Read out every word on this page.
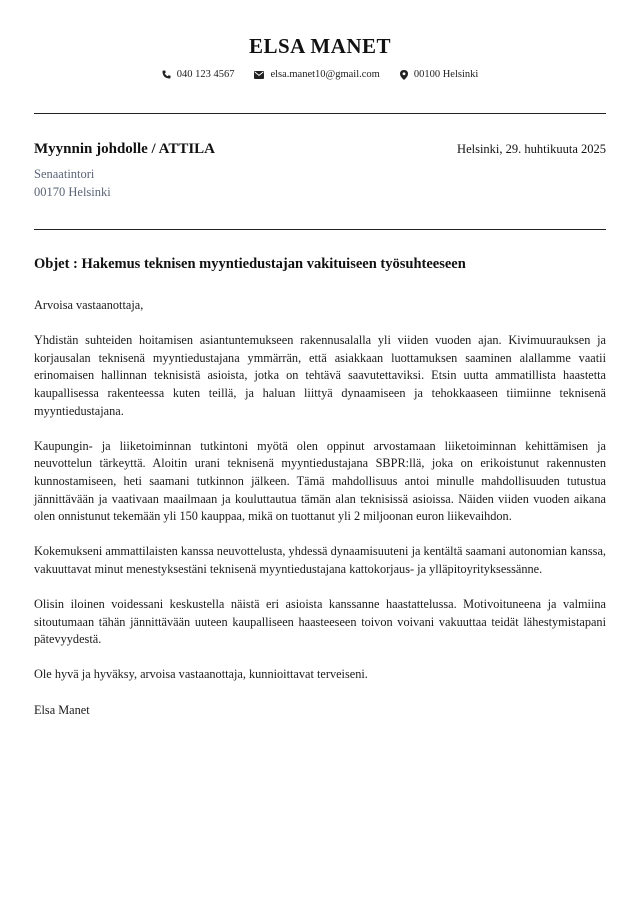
ELSA MANET
040 123 4567	elsa.manet10@gmail.com	00100 Helsinki
Myynnin johdolle / ATTILA	Helsinki, 29. huhtikuuta 2025
Senaatintori
00170 Helsinki
Objet : Hakemus teknisen myyntiedustajan vakituiseen työsuhteeseen

Arvoisa vastaanottaja,

Yhdistän suhteiden hoitamisen asiantuntemukseen rakennusalalla yli viiden vuoden ajan. Kivimuurauksen ja korjausalan teknisenä myyntiedustajana ymmärrän, että asiakkaan luottamuksen saaminen alallamme vaatii erinomaisen hallinnan teknisistä asioista, jotka on tehtävä saavutettaviksi. Etsin uutta ammatillista haastetta kaupallisessa rakenteessa kuten teillä, ja haluan liittyä dynaamiseen ja tehokkaaseen tiimiinne teknisenä myyntiedustajana.

Kaupungin- ja liiketoiminnan tutkintoni myötä olen oppinut arvostamaan liiketoiminnan kehittämisen ja neuvottelun tärkeyttä. Aloitin urani teknisenä myyntiedustajana SBPR:llä, joka on erikoistunut rakennusten kunnostamiseen, heti saamani tutkinnon jälkeen. Tämä mahdollisuus antoi minulle mahdollisuuden tutustua jännittävään ja vaativaan maailmaan ja kouluttautua tämän alan teknisissä asioissa. Näiden viiden vuoden aikana olen onnistunut tekemään yli 150 kauppaa, mikä on tuottanut yli 2 miljoonan euron liikevaihdon.

Kokemukseni ammattilaisten kanssa neuvottelusta, yhdessä dynaamisuuteni ja kentältä saamani autonomian kanssa, vakuuttavat minut menestyksestäni teknisenä myyntiedustajana kattokorjaus- ja ylläpitoyrityksessänne.

Olisin iloinen voidessani keskustella näistä eri asioista kanssanne haastattelussa. Motivoituneena ja valmiina sitoutumaan tähän jännittävään uuteen kaupalliseen haasteeseen toivon voivani vakuuttaa teidät lähestymistapani pätevyydestä.

Ole hyvä ja hyväksy, arvoisa vastaanottaja, kunnioittavat terveiseni.

Elsa Manet
